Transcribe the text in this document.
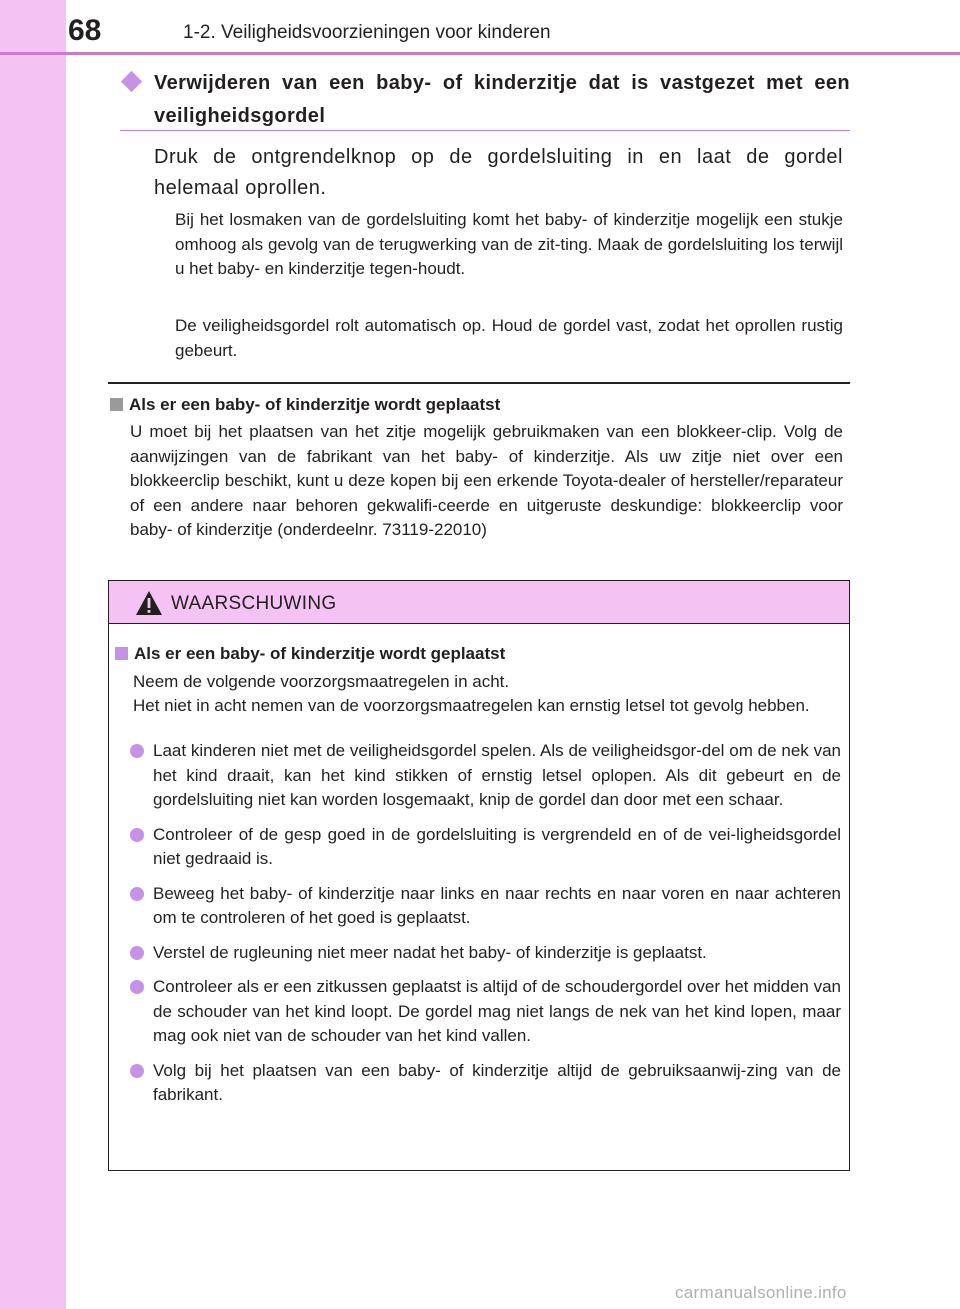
68	1-2. Veiligheidsvoorzieningen voor kinderen
Verwijderen van een baby- of kinderzitje dat is vastgezet met een veiligheidsgordel
Druk de ontgrendelknop op de gordelsluiting in en laat de gordel helemaal oprollen.
Bij het losmaken van de gordelsluiting komt het baby- of kinderzitje mogelijk een stukje omhoog als gevolg van de terugwerking van de zit-ting. Maak de gordelsluiting los terwijl u het baby- en kinderzitje tegen-houdt.
De veiligheidsgordel rolt automatisch op. Houd de gordel vast, zodat het oprollen rustig gebeurt.
Als er een baby- of kinderzitje wordt geplaatst
U moet bij het plaatsen van het zitje mogelijk gebruikmaken van een blokkeer-clip. Volg de aanwijzingen van de fabrikant van het baby- of kinderzitje. Als uw zitje niet over een blokkeerclip beschikt, kunt u deze kopen bij een erkende Toyota-dealer of hersteller/reparateur of een andere naar behoren gekwalifi-ceerde en uitgeruste deskundige: blokkeerclip voor baby- of kinderzitje (onderdeelnr. 73119-22010)
WAARSCHUWING
Als er een baby- of kinderzitje wordt geplaatst
Neem de volgende voorzorgsmaatregelen in acht.
Het niet in acht nemen van de voorzorgsmaatregelen kan ernstig letsel tot gevolg hebben.
Laat kinderen niet met de veiligheidsgordel spelen. Als de veiligheidsgor-del om de nek van het kind draait, kan het kind stikken of ernstig letsel oplopen. Als dit gebeurt en de gordelsluiting niet kan worden losgemaakt, knip de gordel dan door met een schaar.
Controleer of de gesp goed in de gordelsluiting is vergrendeld en of de vei-ligheidsgordel niet gedraaid is.
Beweeg het baby- of kinderzitje naar links en naar rechts en naar voren en naar achteren om te controleren of het goed is geplaatst.
Verstel de rugleuning niet meer nadat het baby- of kinderzitje is geplaatst.
Controleer als er een zitkussen geplaatst is altijd of de schoudergordel over het midden van de schouder van het kind loopt. De gordel mag niet langs de nek van het kind lopen, maar mag ook niet van de schouder van het kind vallen.
Volg bij het plaatsen van een baby- of kinderzitje altijd de gebruiksaanwij-zing van de fabrikant.
carmanualsonline.info
